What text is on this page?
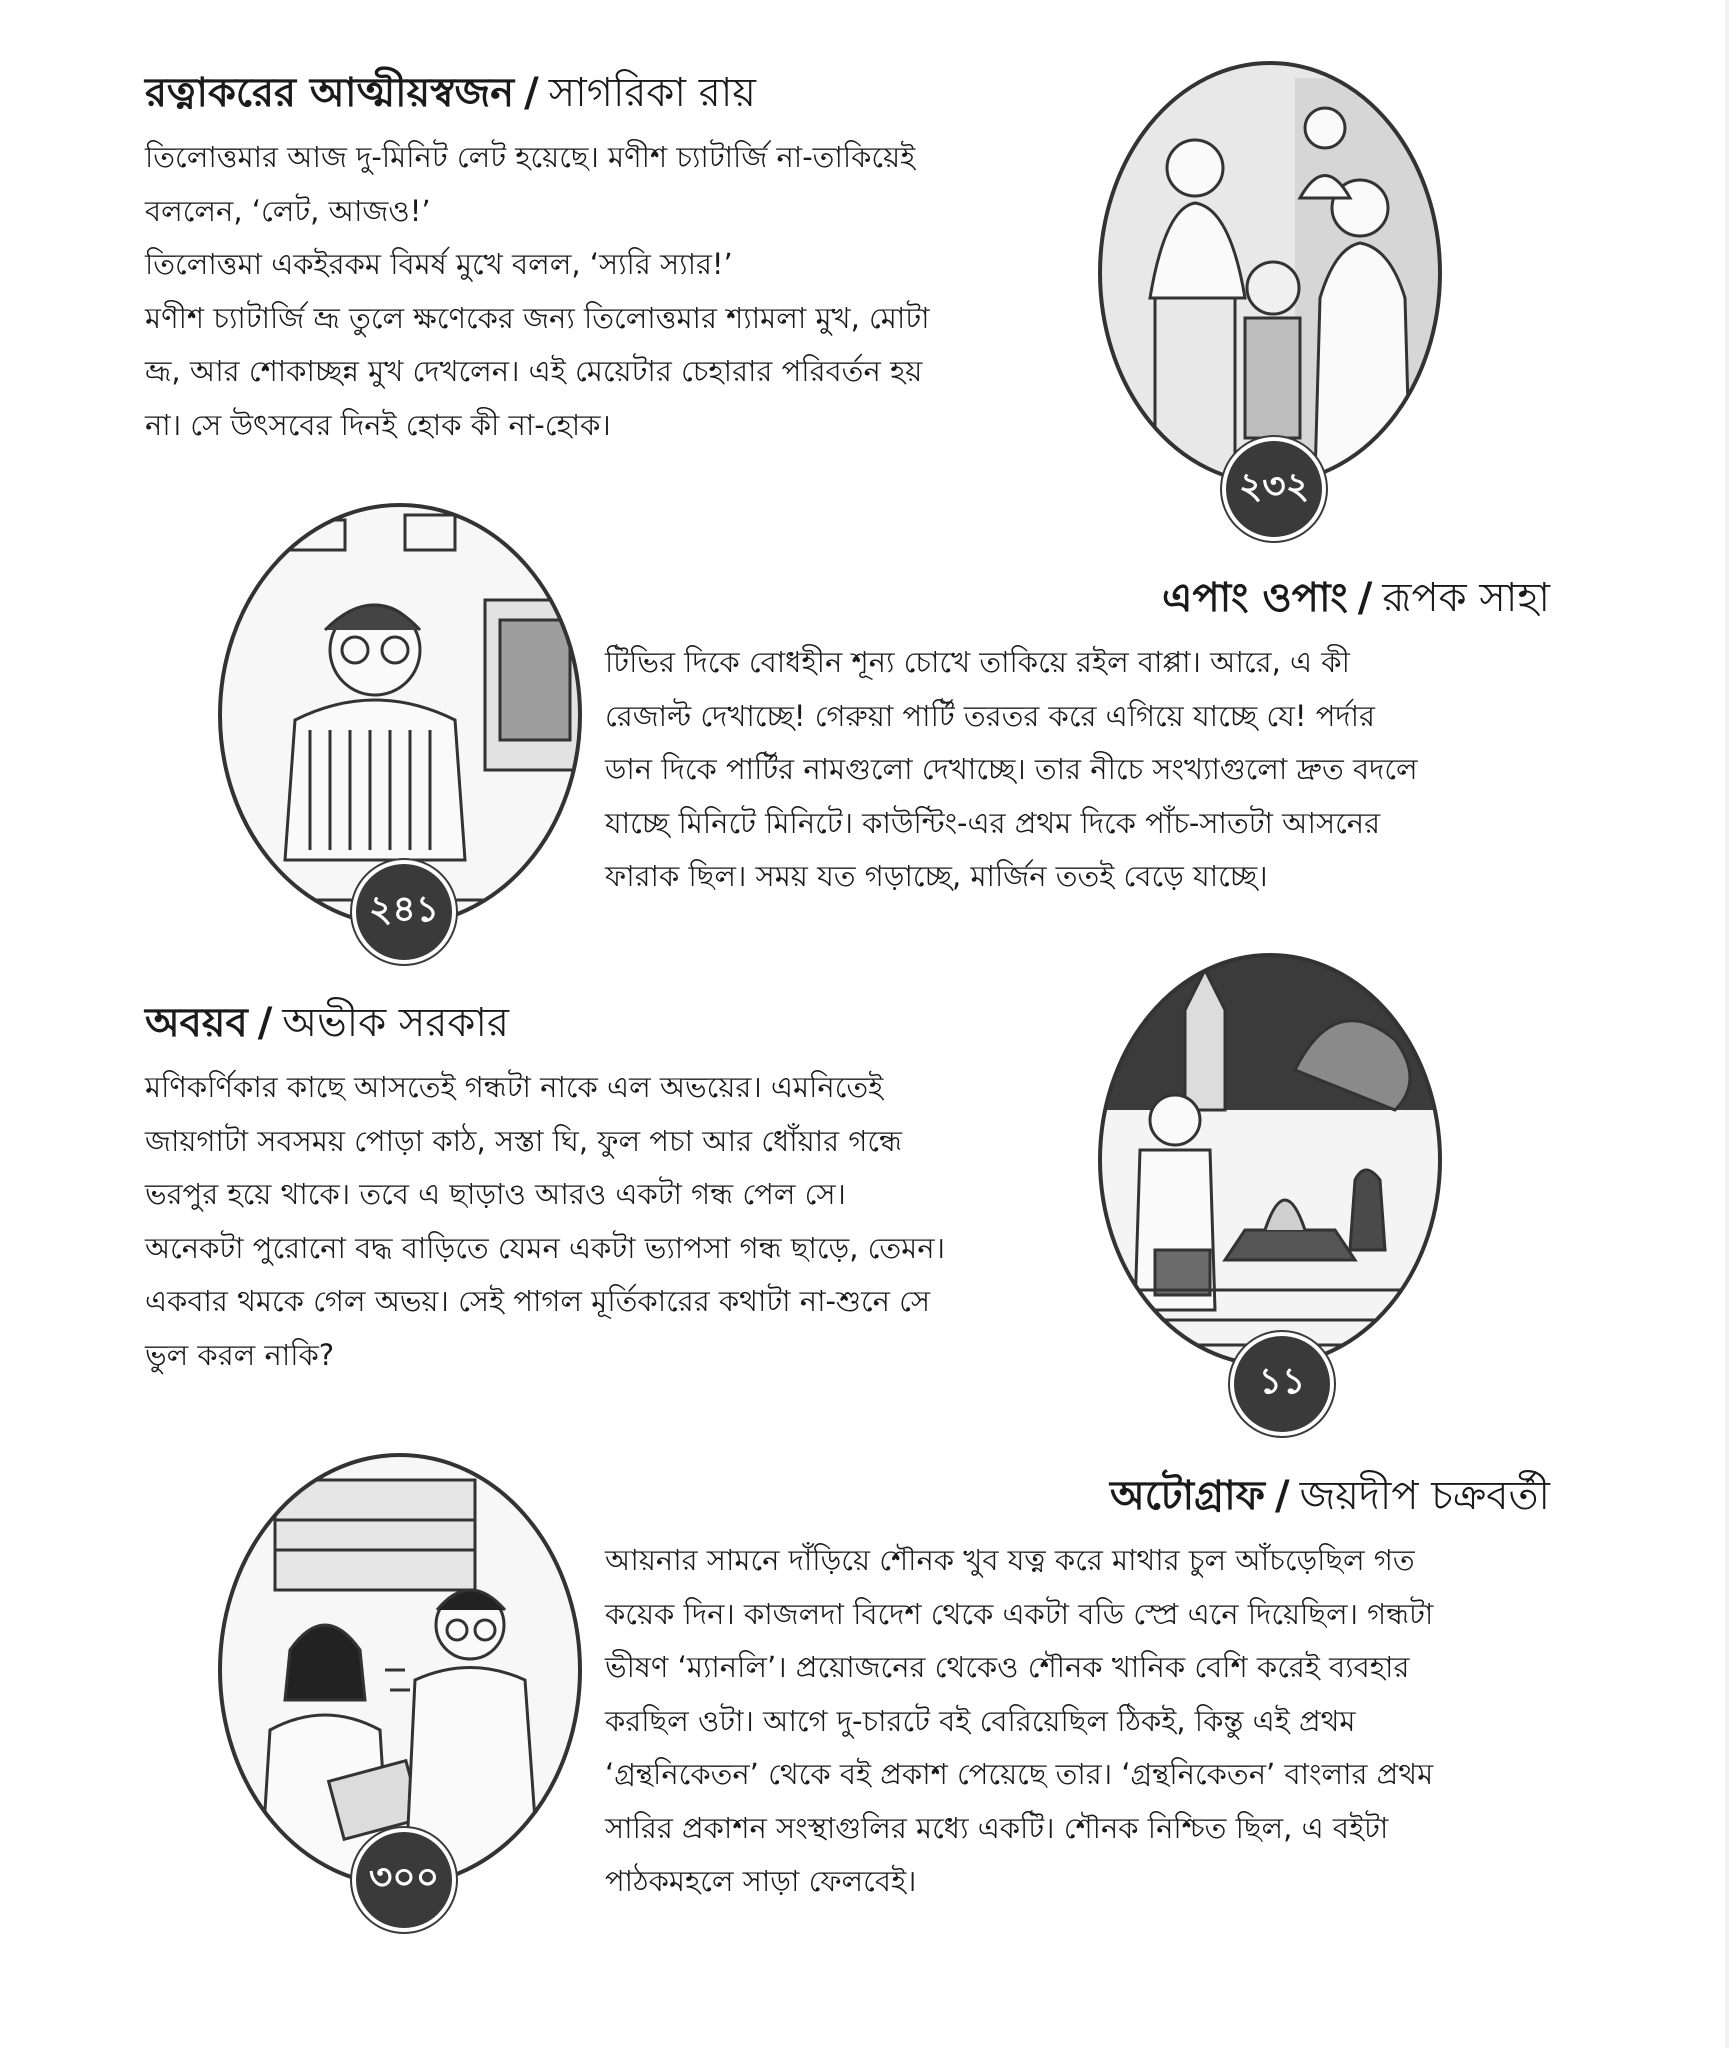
রত্নাকরের আত্মীয়স্বজন / সাগরিকা রায়
তিলোত্তমার আজ দু-মিনিট লেট হয়েছে। মণীশ চ্যাটার্জি না-তাকিয়েই
বললেন, ‘লেট, আজও!’
তিলোত্তমা একইরকম বিমর্ষ মুখে বলল, ‘স্যরি স্যার!’
মণীশ চ্যাটার্জি ভ্রূ তুলে ক্ষণেকের জন্য তিলোত্তমার শ্যামলা মুখ, মোটা
ভ্রূ, আর শোকাচ্ছন্ন মুখ দেখলেন। এই মেয়েটার চেহারার পরিবর্তন হয়
না। সে উৎসবের দিনই হোক কী না-হোক।
২৩২
২৪১
এপাং ওপাং / রূপক সাহা
টিভির দিকে বোধহীন শূন্য চোখে তাকিয়ে রইল বাপ্পা। আরে, এ কী
রেজাল্ট দেখাচ্ছে! গেরুয়া পার্টি তরতর করে এগিয়ে যাচ্ছে যে! পর্দার
ডান দিকে পার্টির নামগুলো দেখাচ্ছে। তার নীচে সংখ্যাগুলো দ্রুত বদলে
যাচ্ছে মিনিটে মিনিটে। কাউন্টিং-এর প্রথম দিকে পাঁচ-সাতটা আসনের
ফারাক ছিল। সময় যত গড়াচ্ছে, মার্জিন ততই বেড়ে যাচ্ছে।
অবয়ব / অভীক সরকার
মণিকর্ণিকার কাছে আসতেই গন্ধটা নাকে এল অভয়ের। এমনিতেই
জায়গাটা সবসময় পোড়া কাঠ, সস্তা ঘি, ফুল পচা আর ধোঁয়ার গন্ধে
ভরপুর হয়ে থাকে। তবে এ ছাড়াও আরও একটা গন্ধ পেল সে।
অনেকটা পুরোনো বদ্ধ বাড়িতে যেমন একটা ভ্যাপসা গন্ধ ছাড়ে, তেমন।
একবার থমকে গেল অভয়। সেই পাগল মূর্তিকারের কথাটা না-শুনে সে
ভুল করল নাকি?
১১
৩০০
অটোগ্রাফ / জয়দীপ চক্রবর্তী
আয়নার সামনে দাঁড়িয়ে শৌনক খুব যত্ন করে মাথার চুল আঁচড়েছিল গত
কয়েক দিন। কাজলদা বিদেশ থেকে একটা বডি স্প্রে এনে দিয়েছিল। গন্ধটা
ভীষণ ‘ম্যানলি’। প্রয়োজনের থেকেও শৌনক খানিক বেশি করেই ব্যবহার
করছিল ওটা। আগে দু-চারটে বই বেরিয়েছিল ঠিকই, কিন্তু এই প্রথম
‘গ্রন্থনিকেতন’ থেকে বই প্রকাশ পেয়েছে তার। ‘গ্রন্থনিকেতন’ বাংলার প্রথম
সারির প্রকাশন সংস্থাগুলির মধ্যে একটি। শৌনক নিশ্চিত ছিল, এ বইটা
পাঠকমহলে সাড়া ফেলবেই।
